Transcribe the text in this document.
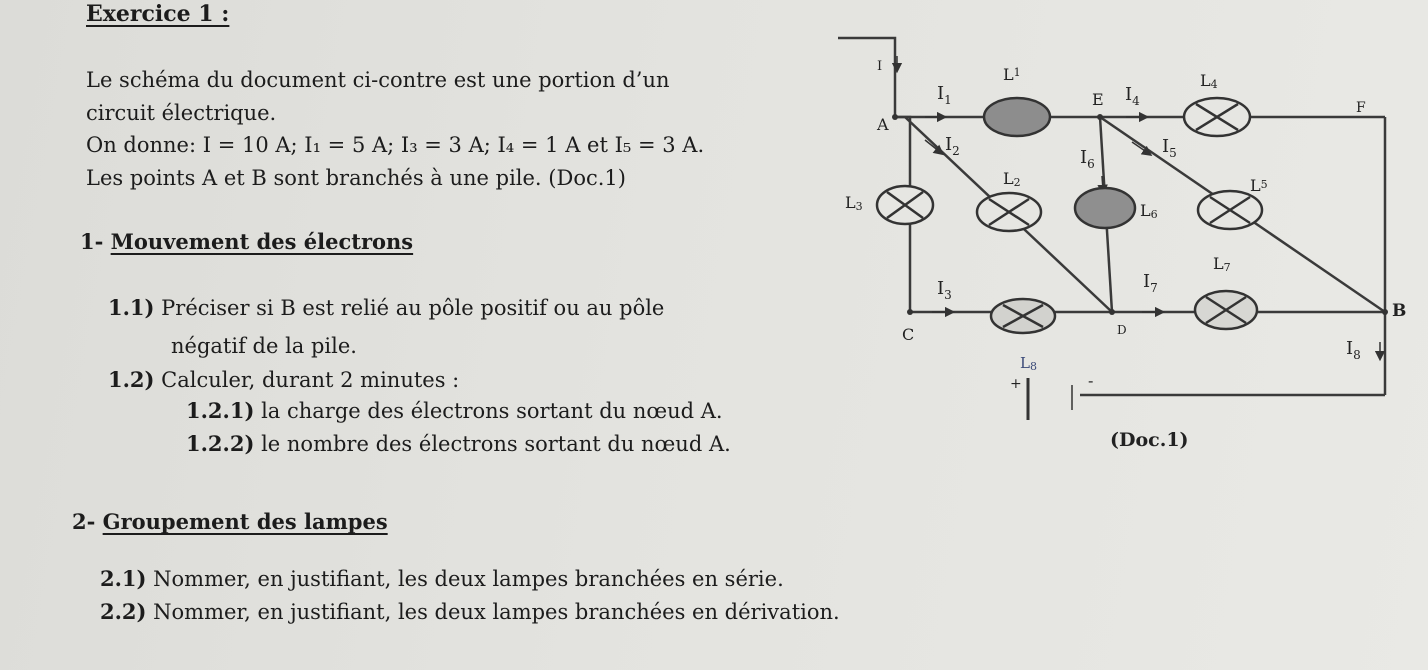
Exercice 1 :
Le schéma du document ci-contre est une portion d’un
circuit électrique.
On donne: I = 10 A; I₁ = 5 A; I₃ = 3 A; I₄ = 1 A et I₅ = 3 A.
Les points A et B sont branchés à une pile. (Doc.1)
1- Mouvement des électrons
1.1) Préciser si B est relié au pôle positif ou au pôle
négatif de la pile.
1.2) Calculer, durant 2 minutes :
1.2.1) la charge des électrons sortant du nœud A.
1.2.2) le nombre des électrons sortant du nœud A.
2- Groupement des lampes
2.1) Nommer, en justifiant, les deux lampes branchées en série.
2.2) Nommer, en justifiant, les deux lampes branchées en dérivation.
+	-
A
E	F
C	D
B
I
$I_1$
$I_2$
$I_4$
$I_5$
$I_6$
$I_3$
$I_7$
$I_8$
$L^1$	L4
L2
L3	L6
L5
L7
L8
(Doc.1)
